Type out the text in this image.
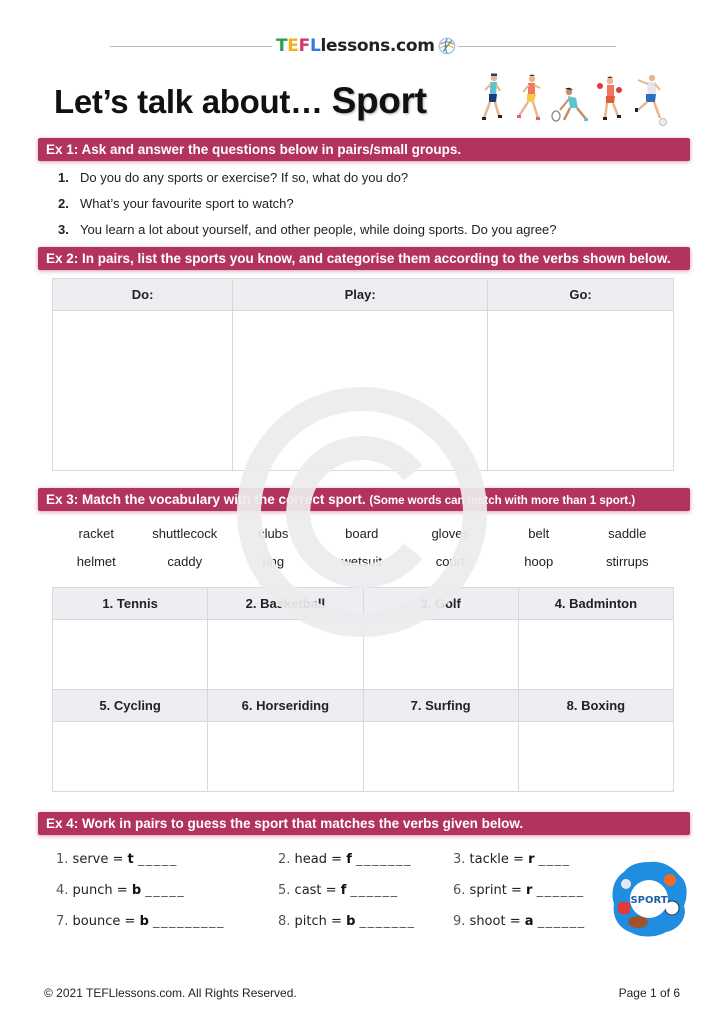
T E F L lessons.com
Let’s talk about… Sport
Ex 1: Ask and answer the questions below in pairs/small groups.
1. Do you do any sports or exercise? If so, what do you do?
2. What’s your favourite sport to watch?
3. You learn a lot about yourself, and other people, while doing sports. Do you agree?
Ex 2: In pairs, list the sports you know, and categorise them according to the verbs shown below.
Do:	Play:	Go:

Ex 3: Match the vocabulary with the correct sport. (Some words can match with more than 1 sport.)
racket	shuttlecock	clubs	board	gloves	belt	saddle
helmet	caddy	ring	wetsuit	court	hoop	stirrups
1. Tennis	2. Basketball	3. Golf	4. Badminton

5. Cycling	6. Horseriding	7. Surfing	8. Boxing

Ex 4: Work in pairs to guess the sport that matches the verbs given below.
1. serve = t _____	2. head = f _______	3. tackle = r ____
4. punch = b _____	5. cast = f ______	6. sprint = r ______
7. bounce = b _________	8. pitch = b _______	9. shoot = a ______
SPORT
© 2021 TEFLlessons.com. All Rights Reserved.	Page 1 of 6
